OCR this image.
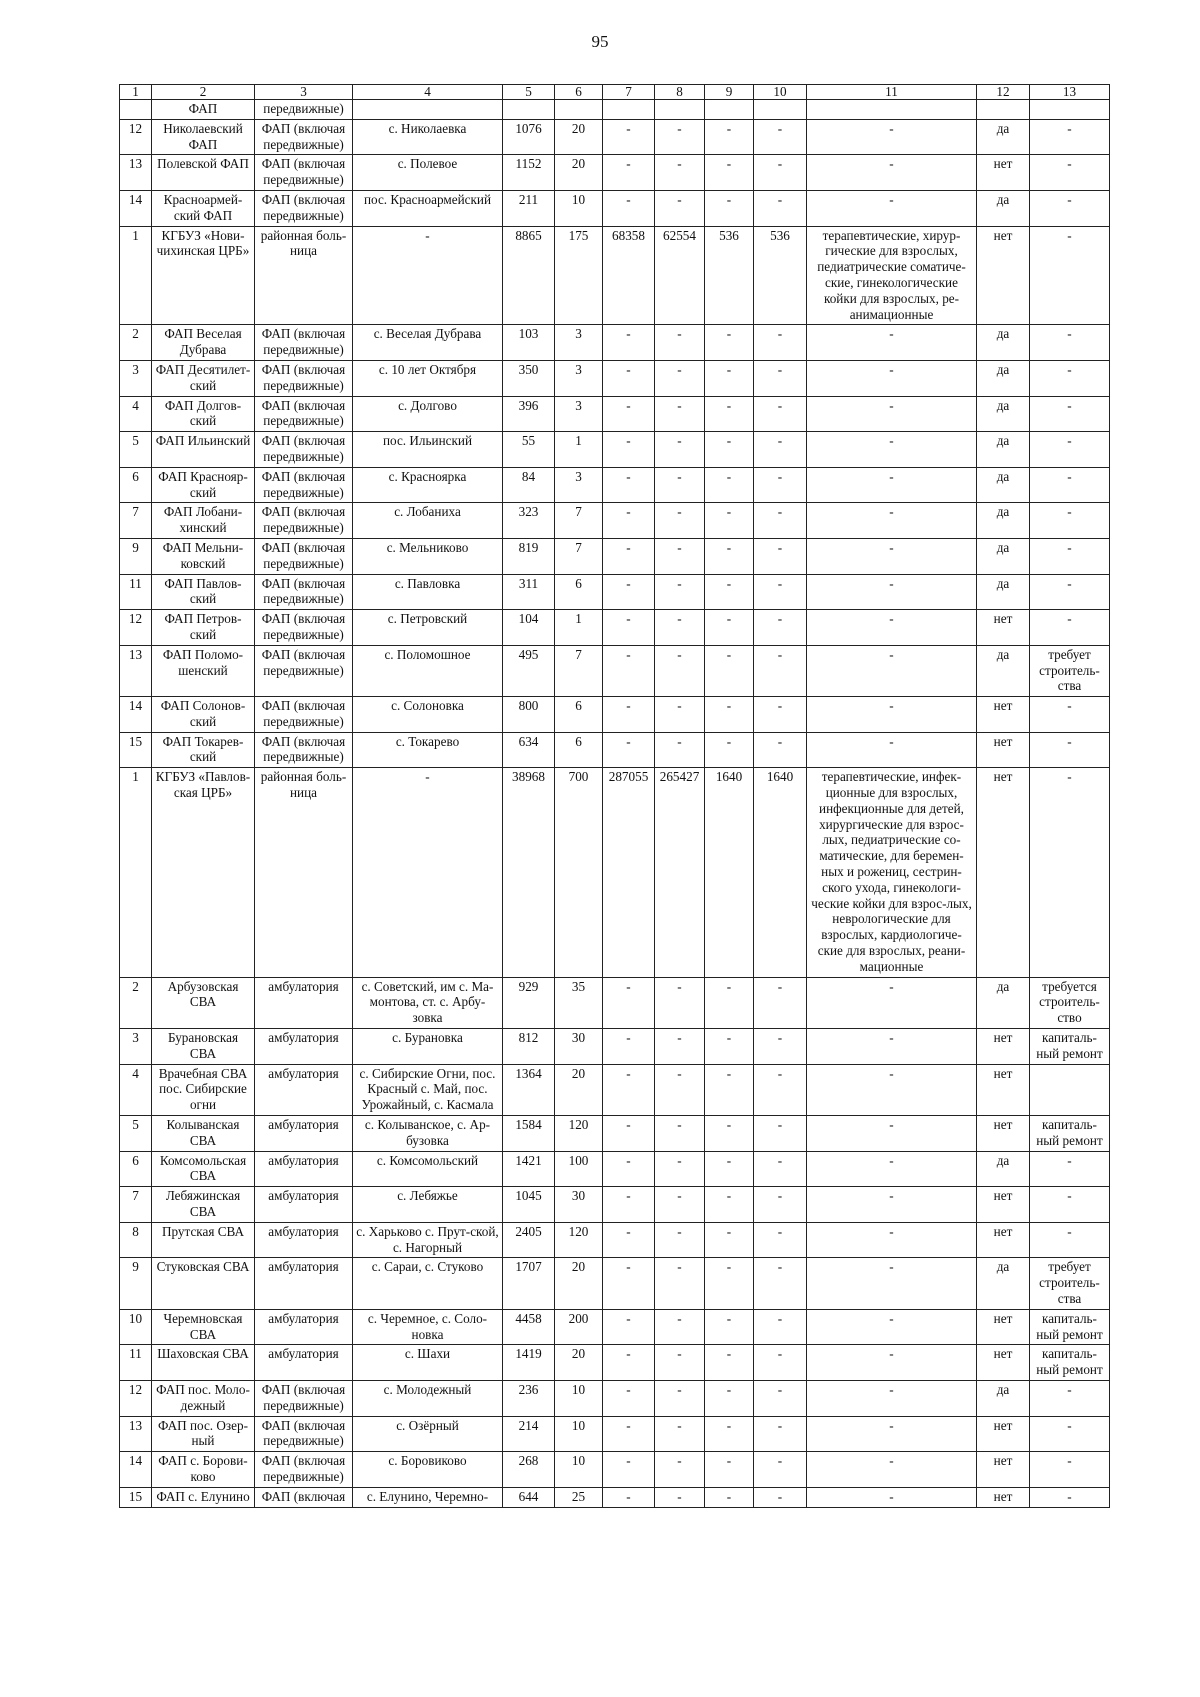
95
1	2	3	4	5	6	7	8	9	10	11	12	13
	ФАП	передвижные)										
12	Николаевский ФАП	ФАП (включая передвижные)	с. Николаевка	1076	20	-	-	-	-	-	да	-
13	Полевской ФАП	ФАП (включая передвижные)	с. Полевое	1152	20	-	-	-	-	-	нет	-
14	Красноармей-ский ФАП	ФАП (включая передвижные)	пос. Красноармейский	211	10	-	-	-	-	-	да	-
1	КГБУЗ «Нови-чихинская ЦРБ»	районная боль-ница	-	8865	175	68358	62554	536	536	терапевтические, хирур-гические для взрослых, педиатрические соматиче-ские, гинекологические койки для взрослых, ре-анимационные	нет	-
2	ФАП Веселая Дубрава	ФАП (включая передвижные)	с. Веселая Дубрава	103	3	-	-	-	-	-	да	-
3	ФАП Десятилет-ский	ФАП (включая передвижные)	с. 10 лет Октября	350	3	-	-	-	-	-	да	-
4	ФАП Долгов-ский	ФАП (включая передвижные)	с. Долгово	396	3	-	-	-	-	-	да	-
5	ФАП Ильинский	ФАП (включая передвижные)	пос. Ильинский	55	1	-	-	-	-	-	да	-
6	ФАП Краснояр-ский	ФАП (включая передвижные)	с. Красноярка	84	3	-	-	-	-	-	да	-
7	ФАП Лобани-хинский	ФАП (включая передвижные)	с. Лобаниха	323	7	-	-	-	-	-	да	-
9	ФАП Мельни-ковский	ФАП (включая передвижные)	с. Мельниково	819	7	-	-	-	-	-	да	-
11	ФАП Павлов-ский	ФАП (включая передвижные)	с. Павловка	311	6	-	-	-	-	-	да	-
12	ФАП Петров-ский	ФАП (включая передвижные)	с. Петровский	104	1	-	-	-	-	-	нет	-
13	ФАП Поломо-шенский	ФАП (включая передвижные)	с. Поломошное	495	7	-	-	-	-	-	да	требует строитель-ства
14	ФАП Солонов-ский	ФАП (включая передвижные)	с. Солоновка	800	6	-	-	-	-	-	нет	-
15	ФАП Токарев-ский	ФАП (включая передвижные)	с. Токарево	634	6	-	-	-	-	-	нет	-
1	КГБУЗ «Павлов-ская ЦРБ»	районная боль-ница	-	38968	700	287055	265427	1640	1640	терапевтические, инфек-ционные для взрослых, инфекционные для детей, хирургические для взрос-лых, педиатрические со-матические, для беремен-ных и рожениц, сестрин-ского ухода, гинекологи-ческие койки для взрос-лых, неврологические для взрослых, кардиологиче-ские для взрослых, реани-мационные	нет	-
2	Арбузовская СВА	амбулатория	с. Советский, им с. Ма-монтова, ст. с. Арбу-зовка	929	35	-	-	-	-	-	да	требуется строитель-ство
3	Бурановская СВА	амбулатория	с. Бурановка	812	30	-	-	-	-	-	нет	капиталь-ный ремонт
4	Врачебная СВА пос. Сибирские огни	амбулатория	с. Сибирские Огни, пос. Красный с. Май, пос. Урожайный, с. Касмала	1364	20	-	-	-	-	-	нет	
5	Колыванская СВА	амбулатория	с. Колыванское, с. Ар-бузовка	1584	120	-	-	-	-	-	нет	капиталь-ный ремонт
6	Комсомольская СВА	амбулатория	с. Комсомольский	1421	100	-	-	-	-	-	да	-
7	Лебяжинская СВА	амбулатория	с. Лебяжье	1045	30	-	-	-	-	-	нет	-
8	Прутская СВА	амбулатория	с. Харьково с. Прут-ской, с. Нагорный	2405	120	-	-	-	-	-	нет	-
9	Стуковская СВА	амбулатория	с. Сараи, с. Стуково	1707	20	-	-	-	-	-	да	требует строитель-ства
10	Черемновская СВА	амбулатория	с. Черемное, с. Соло-новка	4458	200	-	-	-	-	-	нет	капиталь-ный ремонт
11	Шаховская СВА	амбулатория	с. Шахи	1419	20	-	-	-	-	-	нет	капиталь-ный ремонт
12	ФАП пос. Моло-дежный	ФАП (включая передвижные)	с. Молодежный	236	10	-	-	-	-	-	да	-
13	ФАП пос. Озер-ный	ФАП (включая передвижные)	с. Озёрный	214	10	-	-	-	-	-	нет	-
14	ФАП с. Борови-ково	ФАП (включая передвижные)	с. Боровиково	268	10	-	-	-	-	-	нет	-
15	ФАП с. Елунино	ФАП (включая	с. Елунино, Черемно-	644	25	-	-	-	-	-	нет	-
